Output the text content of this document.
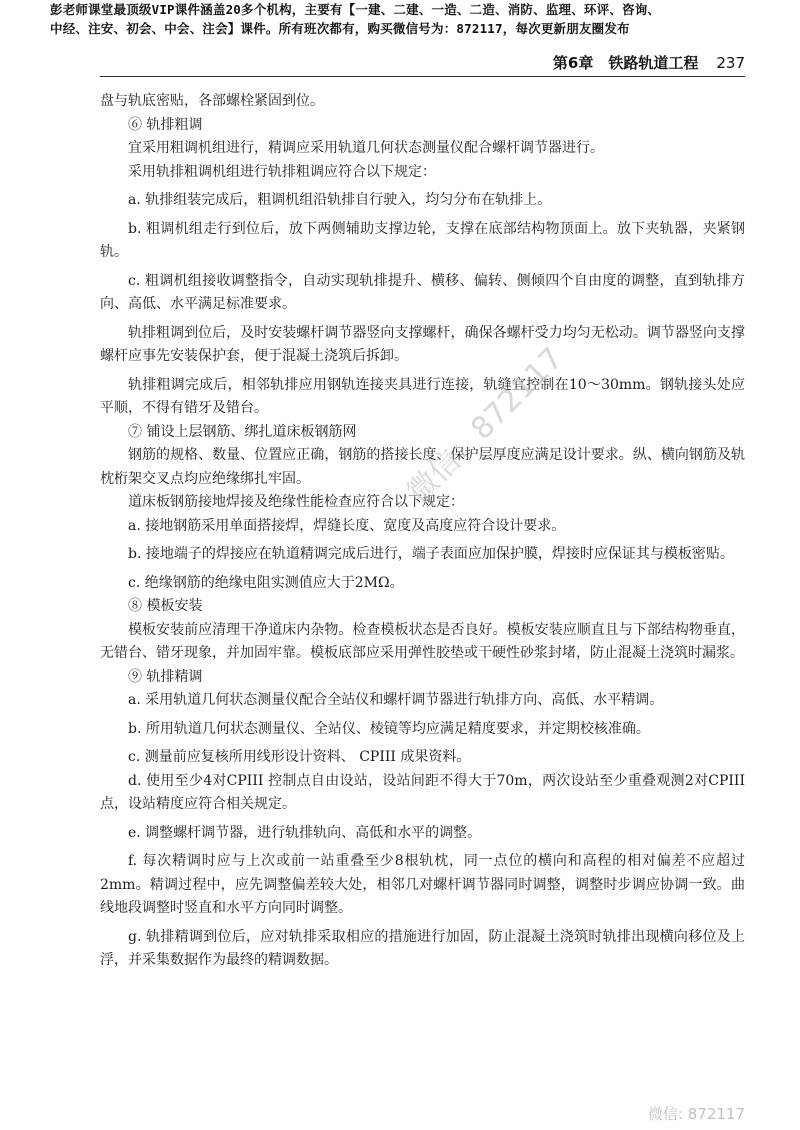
彭老师课堂最顶级VIP课件涵盖20多个机构，主要有【一建、二建、一造、二造、消防、监理、环评、咨询、
中经、注安、初会、中会、注会】课件。所有班次都有，购买微信号为：872117，每次更新朋友圈发布
第6章　铁路轨道工程 237

盘与轨底密贴，各部螺栓紧固到位。

⑥ 轨排粗调

宜采用粗调机组进行，精调应采用轨道几何状态测量仪配合螺杆调节器进行。

采用轨排粗调机组进行轨排粗调应符合以下规定：

a. 轨排组装完成后，粗调机组沿轨排自行驶入，均匀分布在轨排上。

b. 粗调机组走行到位后，放下两侧辅助支撑边轮，支撑在底部结构物顶面上。放下夹轨器，夹紧钢轨。

c. 粗调机组接收调整指令，自动实现轨排提升、横移、偏转、侧倾四个自由度的调整，直到轨排方向、高低、水平满足标准要求。

轨排粗调到位后，及时安装螺杆调节器竖向支撑螺杆，确保各螺杆受力均匀无松动。调节器竖向支撑螺杆应事先安装保护套，便于混凝土浇筑后拆卸。

轨排粗调完成后，相邻轨排应用钢轨连接夹具进行连接，轨缝宜控制在10～30mm。钢轨接头处应平顺，不得有错牙及错台。

⑦ 铺设上层钢筋、绑扎道床板钢筋网

钢筋的规格、数量、位置应正确，钢筋的搭接长度、保护层厚度应满足设计要求。纵、横向钢筋及轨枕桁架交叉点均应绝缘绑扎牢固。

道床板钢筋接地焊接及绝缘性能检查应符合以下规定：

a. 接地钢筋采用单面搭接焊，焊缝长度、宽度及高度应符合设计要求。

b. 接地端子的焊接应在轨道精调完成后进行，端子表面应加保护膜，焊接时应保证其与模板密贴。

c. 绝缘钢筋的绝缘电阻实测值应大于2MΩ。

⑧ 模板安装

模板安装前应清理干净道床内杂物。检查模板状态是否良好。模板安装应顺直且与下部结构物垂直，无错台、错牙现象，并加固牢靠。模板底部应采用弹性胶垫或干硬性砂浆封堵，防止混凝土浇筑时漏浆。

⑨ 轨排精调

a. 采用轨道几何状态测量仪配合全站仪和螺杆调节器进行轨排方向、高低、水平精调。

b. 所用轨道几何状态测量仪、全站仪、棱镜等均应满足精度要求，并定期校核准确。

c. 测量前应复核所用线形设计资料、 CPIII 成果资料。

d. 使用至少4对CPIII 控制点自由设站，设站间距不得大于70m，两次设站至少重叠观测2对CPIII 点，设站精度应符合相关规定。

e. 调整螺杆调节器，进行轨排轨向、高低和水平的调整。

f. 每次精调时应与上次或前一站重叠至少8根轨枕，同一点位的横向和高程的相对偏差不应超过2mm。精调过程中，应先调整偏差较大处，相邻几对螺杆调节器同时调整，调整时步调应协调一致。曲线地段调整时竖直和水平方向同时调整。

g. 轨排精调到位后，应对轨排采取相应的措施进行加固，防止混凝土浇筑时轨排出现横向移位及上浮，并采集数据作为最终的精调数据。

微信：872117
微信: 872117
